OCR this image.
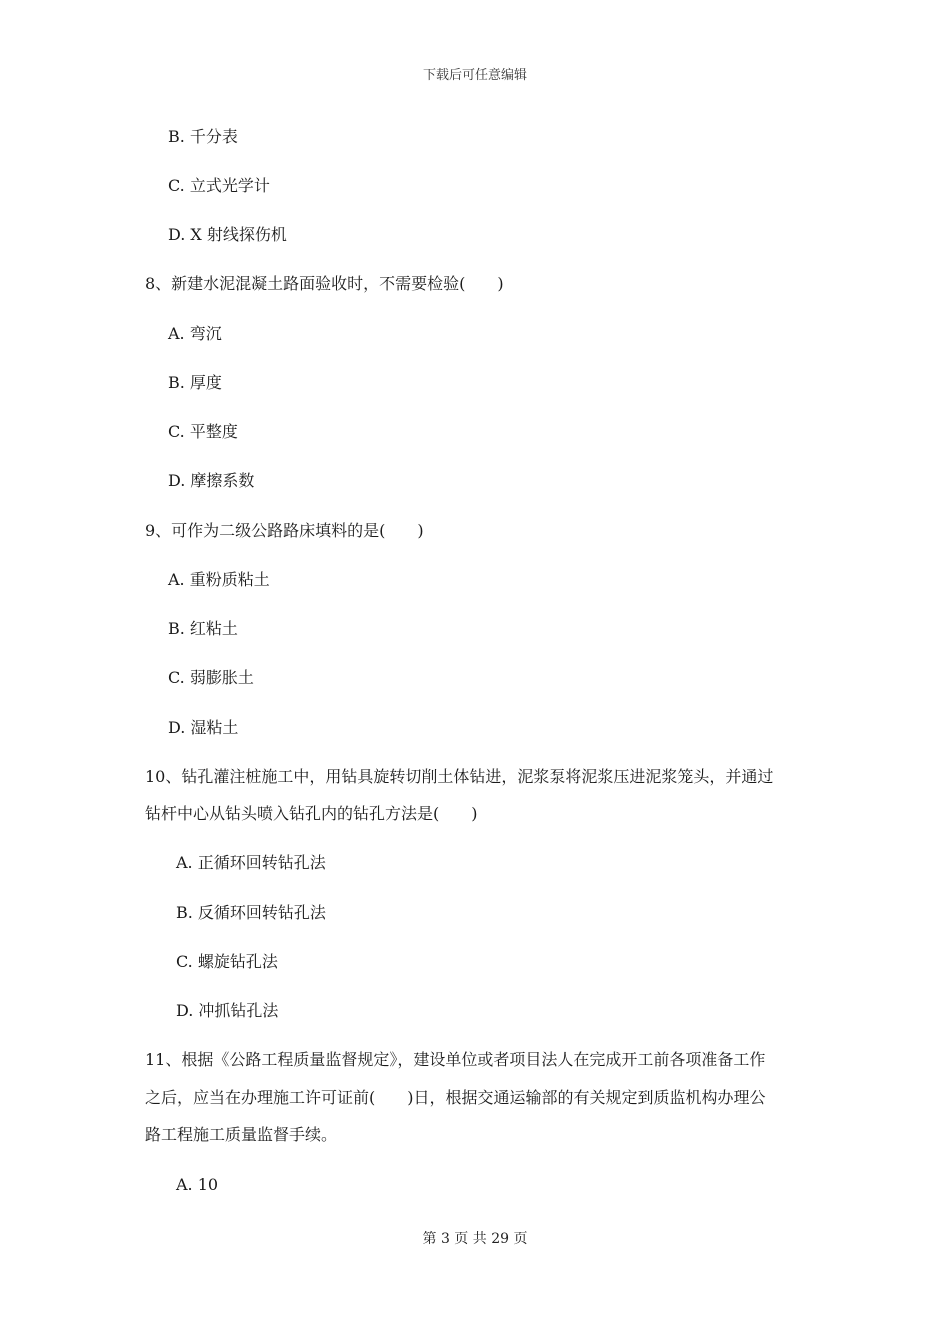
下载后可任意编辑
B. 千分表
C. 立式光学计
D. X 射线探伤机
8、新建水泥混凝土路面验收时，不需要检验(　　)
A. 弯沉
B. 厚度
C. 平整度
D. 摩擦系数
9、可作为二级公路路床填料的是(　　)
A. 重粉质粘土
B. 红粘土
C. 弱膨胀土
D. 湿粘土
10、钻孔灌注桩施工中，用钻具旋转切削土体钻进，泥浆泵将泥浆压进泥浆笼头，并通过
钻杆中心从钻头喷入钻孔内的钻孔方法是(　　)
A. 正循环回转钻孔法
B. 反循环回转钻孔法
C. 螺旋钻孔法
D. 冲抓钻孔法
11、根据《公路工程质量监督规定》，建设单位或者项目法人在完成开工前各项准备工作
之后，应当在办理施工许可证前(　　)日，根据交通运输部的有关规定到质监机构办理公
路工程施工质量监督手续。
A. 10
第 3 页 共 29 页
